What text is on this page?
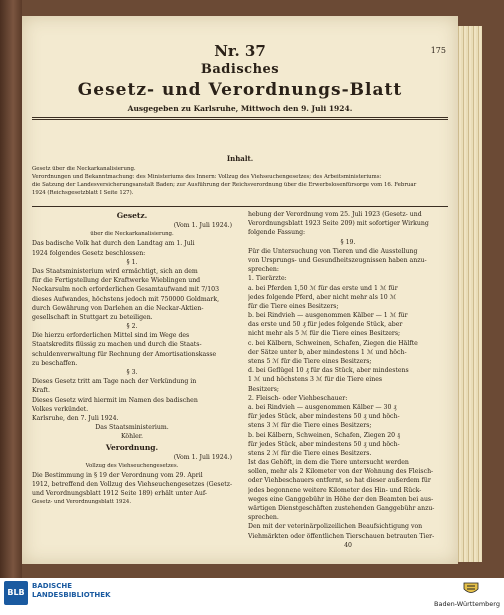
175
Nr. 37
Badisches
Gesetz- und Verordnungs-Blatt
Ausgegeben zu Karlsruhe, Mittwoch den 9. Juli 1924.
Inhalt.
Gesetz über die Neckarkanalisierung.
Verordnungen und Bekanntmachung: des Ministeriums des Innern: Vollzug des Viehseuchengesetzes; des Arbeitsministeriums:
die Satzung der Landesversicherungsanstalt Baden; zur Ausführung der Reichsverordnung über die Erwerbslosenfürsorge vom 16. Februar
1924 (Reichsgesetzblatt I Seite 127).
Gesetz.
(Vom 1. Juli 1924.)
über die Neckarkanalisierung.
Das badische Volk hat durch den Landtag am 1. Juli
1924 folgendes Gesetz beschlossen:
§ 1.
Das Staatsministerium wird ermächtigt, sich an dem
für die Fertigstellung der Kraftwerke Wieblingen und
Neckarsulm noch erforderlichen Gesamtaufwand mit 7/103
dieses Aufwandes, höchstens jedoch mit 750000 Goldmark,
durch Gewährung von Darlehen an die Neckar-Aktien-
gesellschaft in Stuttgart zu beteiligen.
§ 2.
Die hierzu erforderlichen Mittel sind im Wege des
Staatskredits flüssig zu machen und durch die Staats-
schuldenverwaltung für Rechnung der Amortisationskasse
zu beschaffen.
§ 3.
Dieses Gesetz tritt am Tage nach der Verkündung in
Kraft.
Dieses Gesetz wird hiermit im Namen des badischen
Volkes verkündet.
Karlsruhe, den 7. Juli 1924.
Das Staatsministerium.
Köhler.
Verordnung.
(Vom 1. Juli 1924.)
Vollzug des Viehseuchengesetzes.
Die Bestimmung in § 19 der Verordnung vom 29. April
1912, betreffend den Vollzug des Viehseuchengesetzes (Gesetz-
und Verordnungsblatt 1912 Seite 189) erhält unter Auf-
Gesetz- und Verordnungsblatt 1924.
hebung der Verordnung vom 25. Juli 1923 (Gesetz- und
Verordnungsblatt 1923 Seite 209) mit sofortiger Wirkung
folgende Fassung:
§ 19.
Für die Untersuchung von Tieren und die Ausstellung
von Ursprungs- und Gesundheitszeugnissen haben anzu-
sprechen:
1. Tierärzte:
a. bei Pferden 1,50 ℳ für das erste und 1 ℳ für
jedes folgende Pferd, aber nicht mehr als 10 ℳ
für die Tiere eines Besitzers;
b. bei Rindvieh — ausgenommen Kälber — 1 ℳ für
das erste und 50 ₰ für jedes folgende Stück, aber
nicht mehr als 5 ℳ für die Tiere eines Besitzers;
c. bei Kälbern, Schweinen, Schafen, Ziegen die Hälfte
der Sätze unter b, aber mindestens 1 ℳ und höch-
stens 5 ℳ für die Tiere eines Besitzers;
d. bei Geflügel 10 ₰ für das Stück, aber mindestens
1 ℳ und höchstens 3 ℳ für die Tiere eines
Besitzers;
2. Fleisch- oder Viehbeschauer:
a. bei Rindvieh — ausgenommen Kälber — 30 ₰
für jedes Stück, aber mindestens 50 ₰ und höch-
stens 3 ℳ für die Tiere eines Besitzers;
b. bei Kälbern, Schweinen, Schafen, Ziegen 20 ₰
für jedes Stück, aber mindestens 50 ₰ und höch-
stens 2 ℳ für die Tiere eines Besitzers.
Ist das Gehöft, in dem die Tiere untersucht werden
sollen, mehr als 2 Kilometer von der Wohnung des Fleisch-
oder Viehbeschauers entfernt, so hat dieser außerdem für
jedes begonnene weitere Kilometer des Hin- und Rück-
weges eine Ganggebühr in Höhe der den Beamten bei aus-
wärtigen Dienstgeschäften zustehenden Ganggebühr anzu-
sprechen.
Den mit der veterinärpolizeilichen Beaufsichtigung von
Viehmärkten oder öffentlichen Tierschauen betrauten Tier-
40
BLB
BADISCHE
LANDESBIBLIOTHEK
Baden-Württemberg
